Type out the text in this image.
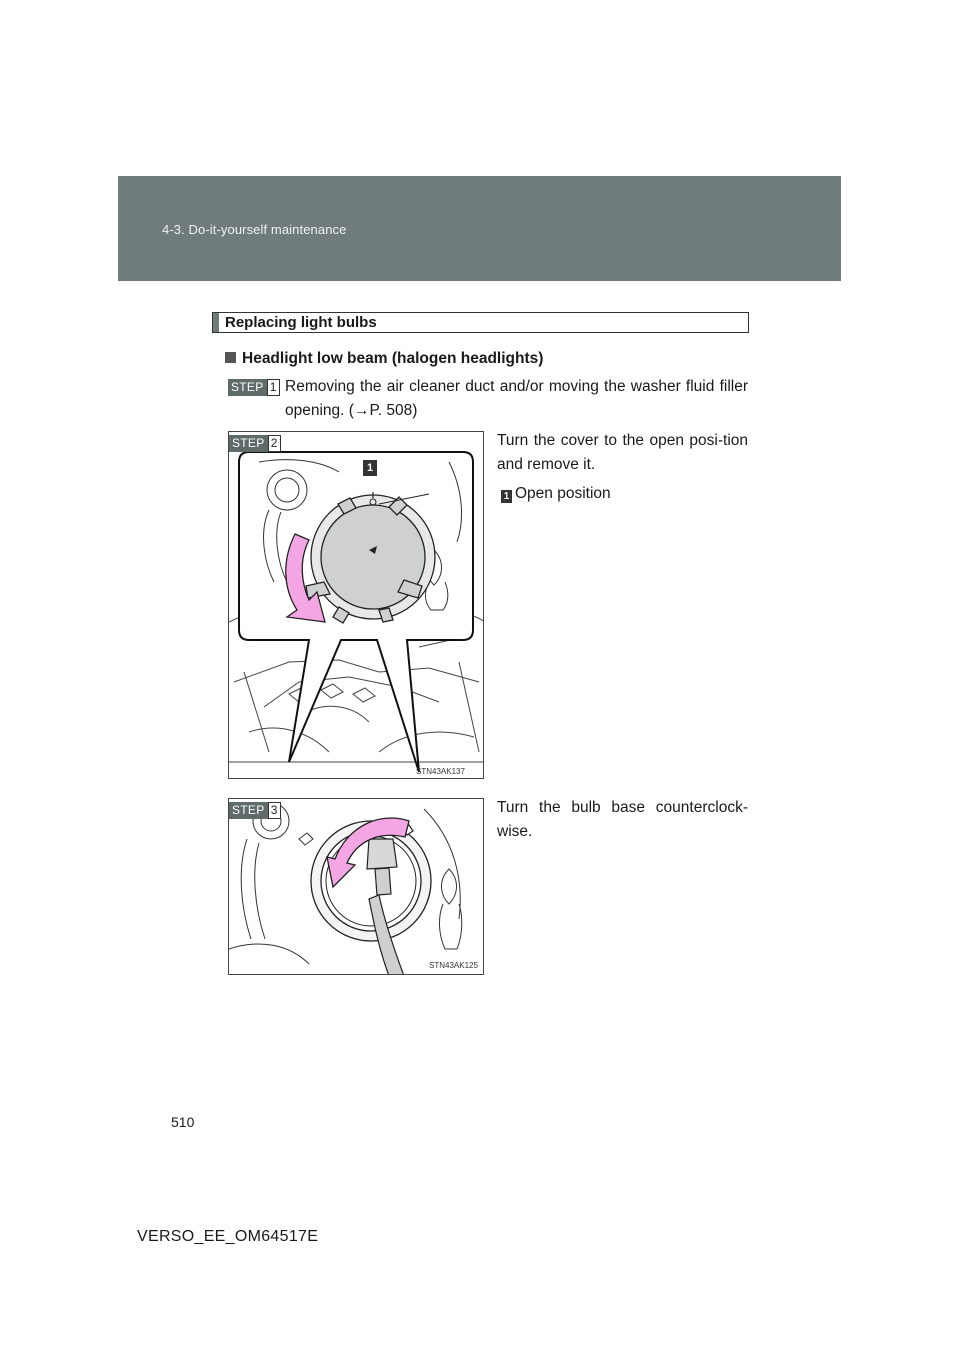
4-3. Do-it-yourself maintenance
Replacing light bulbs
Headlight low beam (halogen headlights)
STEP 1 Removing the air cleaner duct and/or moving the washer fluid filler opening. (→P. 508)
STEP 2
1
STN43AK137
Turn the cover to the open posi-tion and remove it.
1 Open position
STEP 3
STN43AK125
Turn the bulb base counterclock-wise.
510
VERSO_EE_OM64517E
